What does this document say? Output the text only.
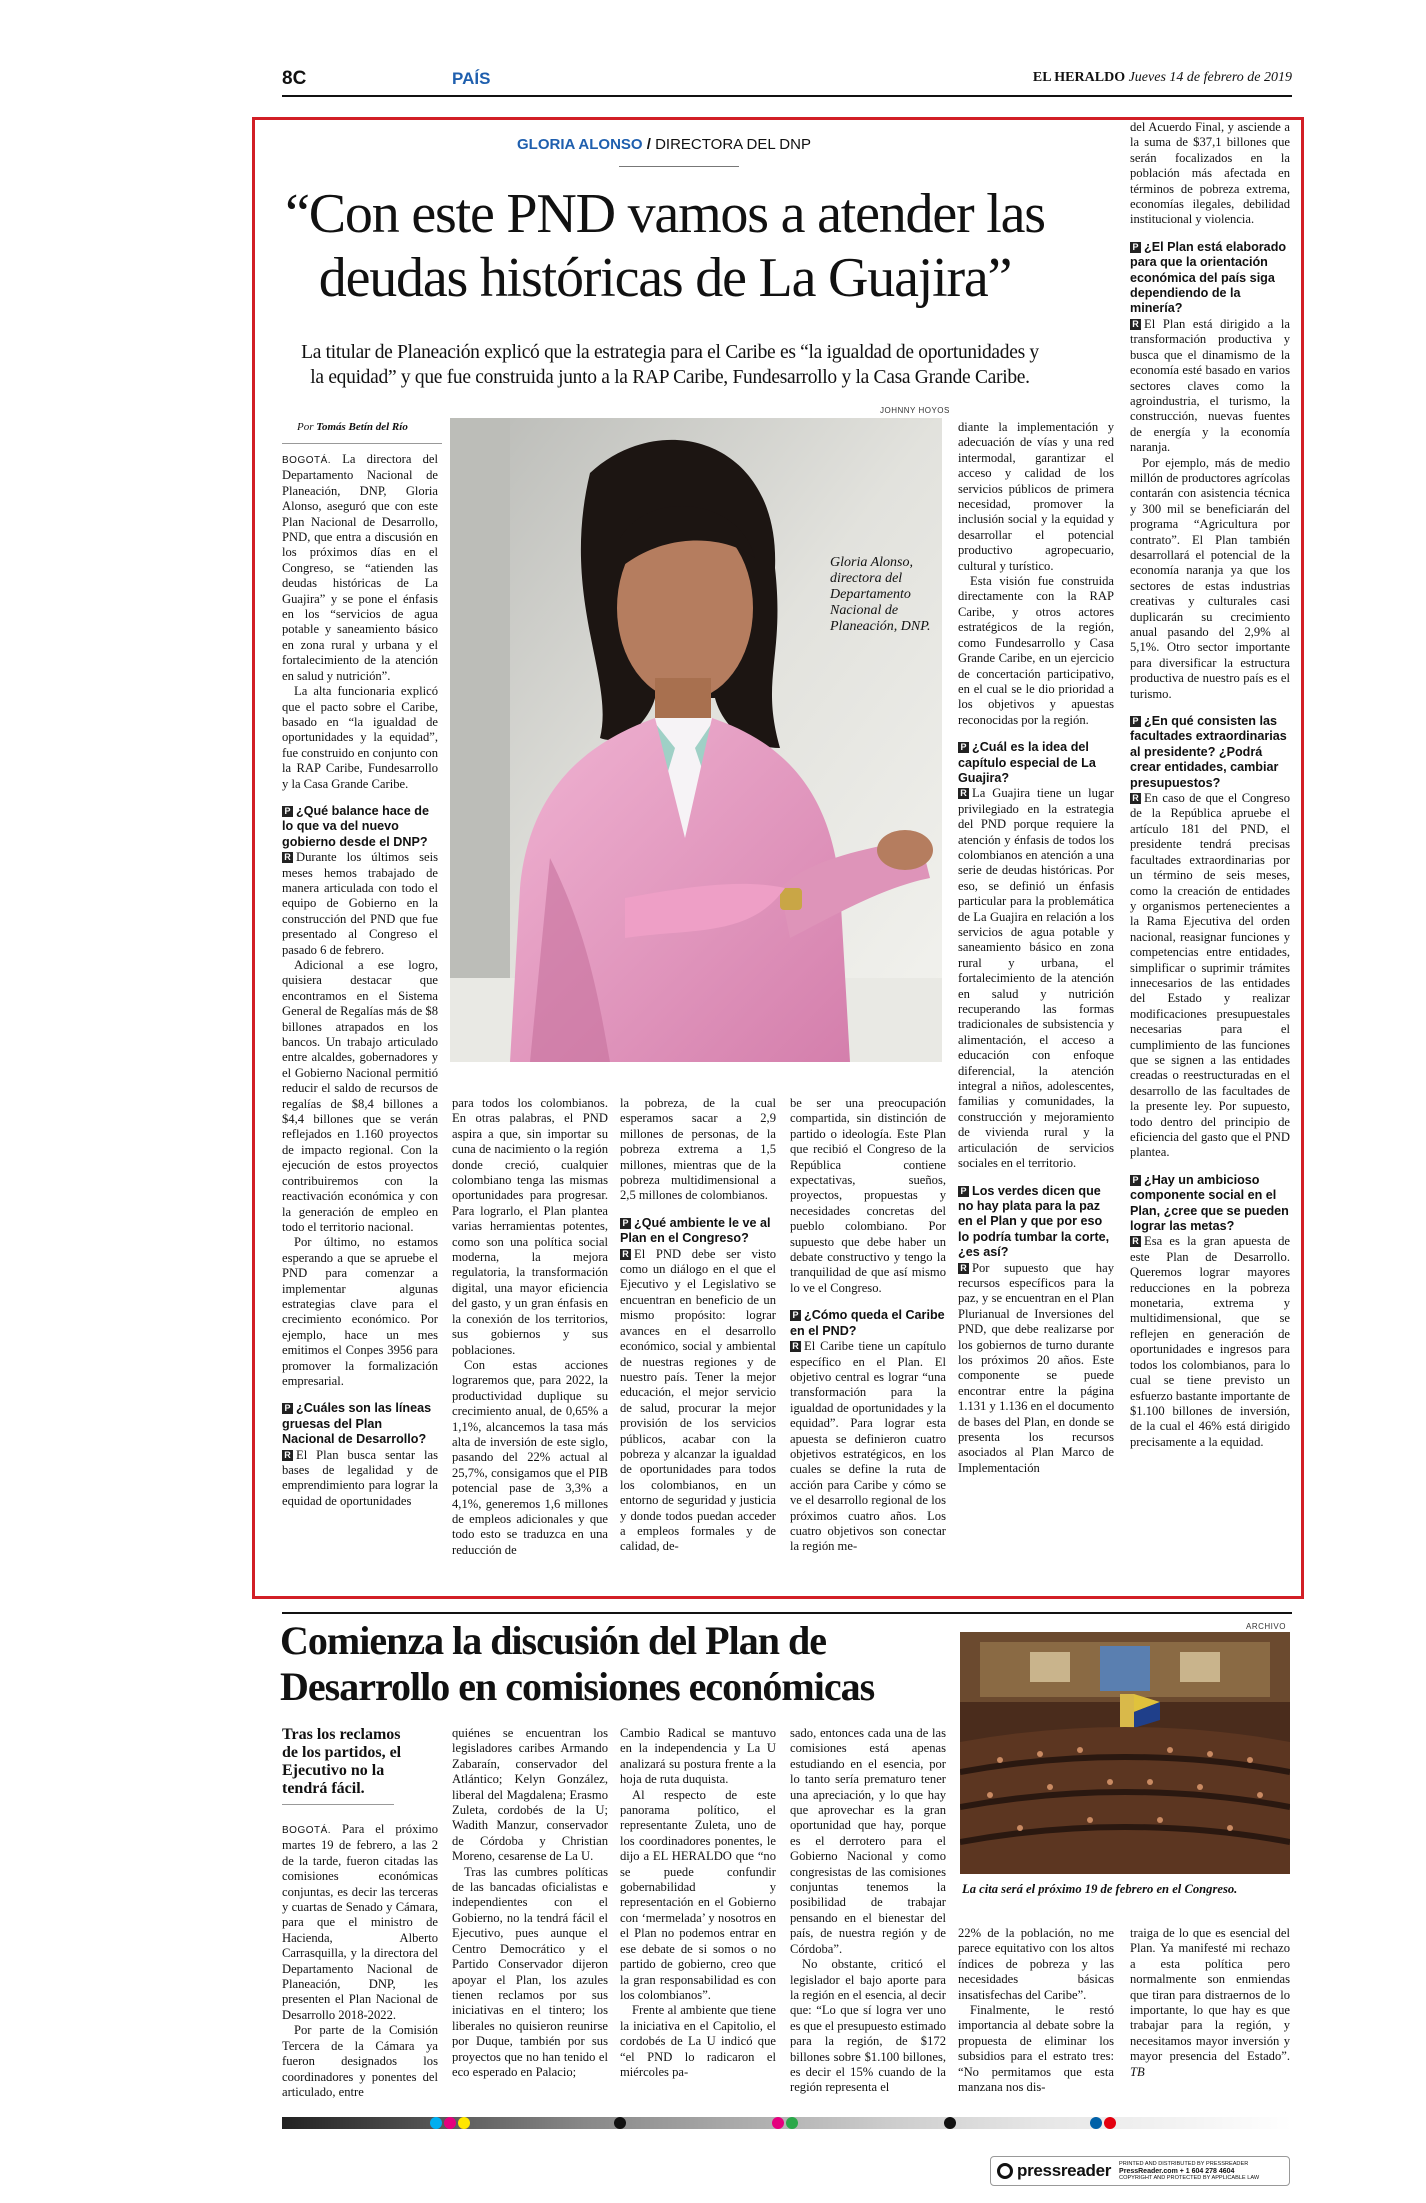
8C	PAÍS	EL HERALDO Jueves 14 de febrero de 2019
GLORIA ALONSO / DIRECTORA DEL DNP
“Con este PND vamos a atender las
deudas históricas de La Guajira”
La titular de Planeación explicó que la estrategia para el Caribe es “la igualdad de oportunidades y
la equidad” y que fue construida junto a la RAP Caribe, Fundesarrollo y la Casa Grande Caribe.
Por Tomás Betín del Río
JOHNNY HOYOS
Gloria Alonso, directora del Departamento Nacional de Planeación, DNP.

BOGOTÁ. La directora del Departamento Nacional de Planeación, DNP, Gloria Alonso, aseguró que con este Plan Nacional de Desarrollo, PND, que entra a discusión en los próximos días en el Congreso, se “atienden las deudas históricas de La Guajira” y se pone el énfasis en los “servicios de agua potable y saneamiento básico en zona rural y urbana y el fortalecimiento de la atención en salud y nutrición”.

La alta funcionaria explicó que el pacto sobre el Caribe, basado en “la igualdad de oportunidades y la equidad”, fue construido en conjunto con la RAP Caribe, Fundesarrollo y la Casa Grande Caribe.

P ¿Qué balance hace de lo que va del nuevo gobierno desde el DNP?

R Durante los últimos seis meses hemos trabajado de manera articulada con todo el equipo de Gobierno en la construcción del PND que fue presentado al Congreso el pasado 6 de febrero.

Adicional a ese logro, quisiera destacar que encontramos en el Sistema General de Regalías más de $8 billones atrapados en los bancos. Un trabajo articulado entre alcaldes, gobernadores y el Gobierno Nacional permitió reducir el saldo de recursos de regalías de $8,4 billones a $4,4 billones que se verán reflejados en 1.160 proyectos de impacto regional. Con la ejecución de estos proyectos contribuiremos con la reactivación económica y con la generación de empleo en todo el territorio nacional.

Por último, no estamos esperando a que se apruebe el PND para comenzar a implementar algunas estrategias clave para el crecimiento económico. Por ejemplo, hace un mes emitimos el Conpes 3956 para promover la formalización empresarial.

P ¿Cuáles son las líneas gruesas del Plan Nacional de Desarrollo?

R El Plan busca sentar las bases de legalidad y de emprendimiento para lograr la equidad de oportunidades

para todos los colombianos. En otras palabras, el PND aspira a que, sin importar su cuna de nacimiento o la región donde creció, cualquier colombiano tenga las mismas oportunidades para progresar. Para lograrlo, el Plan plantea varias herramientas potentes, como son una política social moderna, la mejora regulatoria, la transformación digital, una mayor eficiencia del gasto, y un gran énfasis en la conexión de los territorios, sus gobiernos y sus poblaciones.

Con estas acciones lograremos que, para 2022, la productividad duplique su crecimiento anual, de 0,65% a 1,1%, alcancemos la tasa más alta de inversión de este siglo, pasando del 22% actual al 25,7%, consigamos que el PIB potencial pase de 3,3% a 4,1%, generemos 1,6 millones de empleos adicionales y que todo esto se traduzca en una reducción de

la pobreza, de la cual esperamos sacar a 2,9 millones de personas, de la pobreza extrema a 1,5 millones, mientras que de la pobreza multidimensional a 2,5 millones de colombianos.

P ¿Qué ambiente le ve al Plan en el Congreso?

R El PND debe ser visto como un diálogo en el que el Ejecutivo y el Legislativo se encuentran en beneficio de un mismo propósito: lograr avances en el desarrollo económico, social y ambiental de nuestras regiones y de nuestro país. Tener la mejor educación, el mejor servicio de salud, procurar la mejor provisión de los servicios públicos, acabar con la pobreza y alcanzar la igualdad de oportunidades para todos los colombianos, en un entorno de seguridad y justicia y donde todos puedan acceder a empleos formales y de calidad, de-

be ser una preocupación compartida, sin distinción de partido o ideología. Este Plan que recibió el Congreso de la República contiene expectativas, sueños, proyectos, propuestas y necesidades concretas del pueblo colombiano. Por supuesto que debe haber un debate constructivo y tengo la tranquilidad de que así mismo lo ve el Congreso.

P ¿Cómo queda el Caribe en el PND?

R El Caribe tiene un capítulo específico en el Plan. El objetivo central es lograr “una transformación para la igualdad de oportunidades y la equidad”. Para lograr esta apuesta se definieron cuatro objetivos estratégicos, en los cuales se define la ruta de acción para Caribe y cómo se ve el desarrollo regional de los próximos cuatro años. Los cuatro objetivos son conectar la región me-

diante la implementación y adecuación de vías y una red intermodal, garantizar el acceso y calidad de los servicios públicos de primera necesidad, promover la inclusión social y la equidad y desarrollar el potencial productivo agropecuario, cultural y turístico.

Esta visión fue construida directamente con la RAP Caribe, y otros actores estratégicos de la región, como Fundesarrollo y Casa Grande Caribe, en un ejercicio de concertación participativo, en el cual se le dio prioridad a los objetivos y apuestas reconocidas por la región.

P ¿Cuál es la idea del capítulo especial de La Guajira?

R La Guajira tiene un lugar privilegiado en la estrategia del PND porque requiere la atención y énfasis de todos los colombianos en atención a una serie de deudas históricas. Por eso, se definió un énfasis particular para la problemática de La Guajira en relación a los servicios de agua potable y saneamiento básico en zona rural y urbana, el fortalecimiento de la atención en salud y nutrición recuperando las formas tradicionales de subsistencia y alimentación, el acceso a educación con enfoque diferencial, la atención integral a niños, adolescentes, familias y comunidades, la construcción y mejoramiento de vivienda rural y la articulación de servicios sociales en el territorio.

P Los verdes dicen que no hay plata para la paz en el Plan y que por eso lo podría tumbar la corte, ¿es así?

R Por supuesto que hay recursos específicos para la paz, y se encuentran en el Plan Plurianual de Inversiones del PND, que debe realizarse por los gobiernos de turno durante los próximos 20 años. Este componente se puede encontrar entre la página 1.131 y 1.136 en el documento de bases del Plan, en donde se presenta los recursos asociados al Plan Marco de Implementación

del Acuerdo Final, y asciende a la suma de $37,1 billones que serán focalizados en la población más afectada en términos de pobreza extrema, economías ilegales, debilidad institucional y violencia.

P ¿El Plan está elaborado para que la orientación económica del país siga dependiendo de la minería?

R El Plan está dirigido a la transformación productiva y busca que el dinamismo de la economía esté basado en varios sectores claves como la agroindustria, el turismo, la construcción, nuevas fuentes de energía y la economía naranja.

Por ejemplo, más de medio millón de productores agrícolas contarán con asistencia técnica y 300 mil se beneficiarán del programa “Agricultura por contrato”. El Plan también desarrollará el potencial de la economía naranja ya que los sectores de estas industrias creativas y culturales casi duplicarán su crecimiento anual pasando del 2,9% al 5,1%. Otro sector importante para diversificar la estructura productiva de nuestro país es el turismo.

P ¿En qué consisten las facultades extraordinarias al presidente? ¿Podrá crear entidades, cambiar presupuestos?

R En caso de que el Congreso de la República apruebe el artículo 181 del PND, el presidente tendrá precisas facultades extraordinarias por un término de seis meses, como la creación de entidades y organismos pertenecientes a la Rama Ejecutiva del orden nacional, reasignar funciones y competencias entre entidades, simplificar o suprimir trámites innecesarios de las entidades del Estado y realizar modificaciones presupuestales necesarias para el cumplimiento de las funciones que se signen a las entidades creadas o reestructuradas en el desarrollo de las facultades de la presente ley. Por supuesto, todo dentro del principio de eficiencia del gasto que el PND plantea.

P ¿Hay un ambicioso componente social en el Plan, ¿cree que se pueden lograr las metas?

R Esa es la gran apuesta de este Plan de Desarrollo. Queremos lograr mayores reducciones en la pobreza monetaria, extrema y multidimensional, que se reflejen en generación de oportunidades e ingresos para todos los colombianos, para lo cual se tiene previsto un esfuerzo bastante importante de $1.100 billones de inversión, de la cual el 46% está dirigido precisamente a la equidad.

Comienza la discusión del Plan de
Desarrollo en comisiones económicas
Tras los reclamos de los partidos, el Ejecutivo no la tendrá fácil.
ARCHIVO
La cita será el próximo 19 de febrero en el Congreso.

BOGOTÁ. Para el próximo martes 19 de febrero, a las 2 de la tarde, fueron citadas las comisiones económicas conjuntas, es decir las terceras y cuartas de Senado y Cámara, para que el ministro de Hacienda, Alberto Carrasquilla, y la directora del Departamento Nacional de Planeación, DNP, les presenten el Plan Nacional de Desarrollo 2018-2022.

Por parte de la Comisión Tercera de la Cámara ya fueron designados los coordinadores y ponentes del articulado, entre

quiénes se encuentran los legisladores caribes Armando Zabaraín, conservador del Atlántico; Kelyn González, liberal del Magdalena; Erasmo Zuleta, cordobés de la U; Wadith Manzur, conservador de Córdoba y Christian Moreno, cesarense de La U.

Tras las cumbres políticas de las bancadas oficialistas e independientes con el Gobierno, no la tendrá fácil el Ejecutivo, pues aunque el Centro Democrático y el Partido Conservador dijeron apoyar el Plan, los azules tienen reclamos por sus iniciativas en el tintero; los liberales no quisieron reunirse por Duque, también por sus proyectos que no han tenido el eco esperado en Palacio;

Cambio Radical se mantuvo en la independencia y La U analizará su postura frente a la hoja de ruta duquista.

Al respecto de este panorama político, el representante Zuleta, uno de los coordinadores ponentes, le dijo a EL HERALDO que “no se puede confundir gobernabilidad y representación en el Gobierno con ‘mermelada’ y nosotros en el Plan no podemos entrar en ese debate de si somos o no partido de gobierno, creo que la gran responsabilidad es con los colombianos”.

Frente al ambiente que tiene la iniciativa en el Capitolio, el cordobés de La U indicó que “el PND lo radicaron el miércoles pa-

sado, entonces cada una de las comisiones está apenas estudiando en el esencia, por lo tanto sería prematuro tener una apreciación, y lo que hay que aprovechar es la gran oportunidad que hay, porque es el derrotero para el Gobierno Nacional y como congresistas de las comisiones conjuntas tenemos la posibilidad de trabajar pensando en el bienestar del país, de nuestra región y de Córdoba”.

No obstante, criticó el legislador el bajo aporte para la región en el esencia, al decir que: “Lo que sí logra ver uno es que el presupuesto estimado para la región, de $172 billones sobre $1.100 billones, es decir el 15% cuando de la región representa el

22% de la población, no me parece equitativo con los altos índices de pobreza y las necesidades básicas insatisfechas del Caribe”.

Finalmente, le restó importancia al debate sobre la propuesta de eliminar los subsidios para el estrato tres: “No permitamos que esta manzana nos dis-

traiga de lo que es esencial del Plan. Ya manifesté mi rechazo a esta política pero normalmente son enmiendas que tiran para distraernos de lo importante, lo que hay es que trabajar para la región, y necesitamos mayor inversión y mayor presencia del Estado”. TB

pressreader PRINTED AND DISTRIBUTED BY PRESSREADER
PressReader.com + 1 604 278 4604
COPYRIGHT AND PROTECTED BY APPLICABLE LAW
